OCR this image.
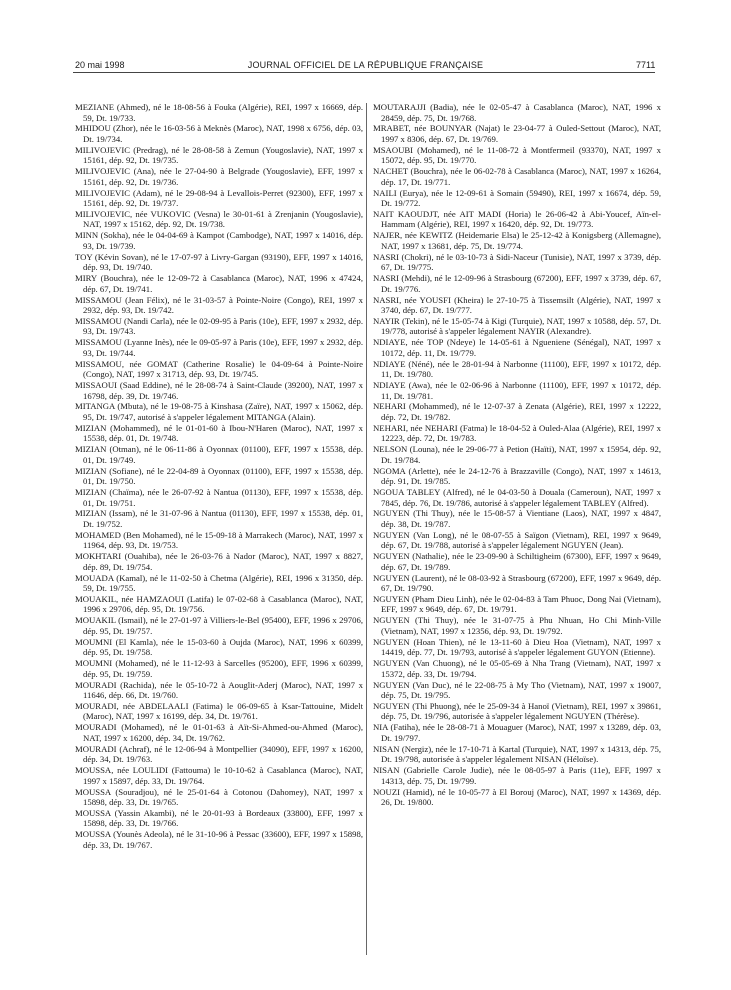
20 mai 1998	JOURNAL OFFICIEL DE LA RÉPUBLIQUE FRANÇAISE	7711

MEZIANE (Ahmed), né le 18-08-56 à Fouka (Algérie), REI, 1997 x 16669, dép. 59, Dt. 19/733.

MHIDOU (Zhor), née le 16-03-56 à Meknès (Maroc), NAT, 1998 x 6756, dép. 03, Dt. 19/734.

MILIVOJEVIC (Predrag), né le 28-08-58 à Zemun (Yougoslavie), NAT, 1997 x 15161, dép. 92, Dt. 19/735.

MILIVOJEVIC (Ana), née le 27-04-90 à Belgrade (Yougoslavie), EFF, 1997 x 15161, dép. 92, Dt. 19/736.

MILIVOJEVIC (Adam), né le 29-08-94 à Levallois-Perret (92300), EFF, 1997 x 15161, dép. 92, Dt. 19/737.

MILIVOJEVIC, née VUKOVIC (Vesna) le 30-01-61 à Zrenjanin (Yougoslavie), NAT, 1997 x 15162, dép. 92, Dt. 19/738.

MINN (Sokha), née le 04-04-69 à Kampot (Cambodge), NAT, 1997 x 14016, dép. 93, Dt. 19/739.

TOY (Kévin Sovan), né le 17-07-97 à Livry-Gargan (93190), EFF, 1997 x 14016, dép. 93, Dt. 19/740.

MIRY (Bouchra), née le 12-09-72 à Casablanca (Maroc), NAT, 1996 x 47424, dép. 67, Dt. 19/741.

MISSAMOU (Jean Félix), né le 31-03-57 à Pointe-Noire (Congo), REI, 1997 x 2932, dép. 93, Dt. 19/742.

MISSAMOU (Nandi Carla), née le 02-09-95 à Paris (10e), EFF, 1997 x 2932, dép. 93, Dt. 19/743.

MISSAMOU (Lyanne Inès), née le 09-05-97 à Paris (10e), EFF, 1997 x 2932, dép. 93, Dt. 19/744.

MISSAMOU, née GOMAT (Catherine Rosalie) le 04-09-64 à Pointe-Noire (Congo), NAT, 1997 x 31713, dép. 93, Dt. 19/745.

MISSAOUI (Saad Eddine), né le 28-08-74 à Saint-Claude (39200), NAT, 1997 x 16798, dép. 39, Dt. 19/746.

MITANGA (Mbuta), né le 19-08-75 à Kinshasa (Zaïre), NAT, 1997 x 15062, dép. 95, Dt. 19/747, autorisé à s'appeler légalement MITANGA (Alain).

MIZIAN (Mohammed), né le 01-01-60 à Ibou-N'Haren (Maroc), NAT, 1997 x 15538, dép. 01, Dt. 19/748.

MIZIAN (Otman), né le 06-11-86 à Oyonnax (01100), EFF, 1997 x 15538, dép. 01, Dt. 19/749.

MIZIAN (Sofiane), né le 22-04-89 à Oyonnax (01100), EFF, 1997 x 15538, dép. 01, Dt. 19/750.

MIZIAN (Chaïma), née le 26-07-92 à Nantua (01130), EFF, 1997 x 15538, dép. 01, Dt. 19/751.

MIZIAN (Issam), né le 31-07-96 à Nantua (01130), EFF, 1997 x 15538, dép. 01, Dt. 19/752.

MOHAMED (Ben Mohamed), né le 15-09-18 à Marrakech (Maroc), NAT, 1997 x 11964, dép. 93, Dt. 19/753.

MOKHTARI (Ouahiba), née le 26-03-76 à Nador (Maroc), NAT, 1997 x 8827, dép. 89, Dt. 19/754.

MOUADA (Kamal), né le 11-02-50 à Chetma (Algérie), REI, 1996 x 31350, dép. 59, Dt. 19/755.

MOUAKIL, née HAMZAOUI (Latifa) le 07-02-68 à Casablanca (Maroc), NAT, 1996 x 29706, dép. 95, Dt. 19/756.

MOUAKIL (Ismail), né le 27-01-97 à Villiers-le-Bel (95400), EFF, 1996 x 29706, dép. 95, Dt. 19/757.

MOUMNI (El Kamla), née le 15-03-60 à Oujda (Maroc), NAT, 1996 x 60399, dép. 95, Dt. 19/758.

MOUMNI (Mohamed), né le 11-12-93 à Sarcelles (95200), EFF, 1996 x 60399, dép. 95, Dt. 19/759.

MOURADI (Rachida), née le 05-10-72 à Aouglit-Aderj (Maroc), NAT, 1997 x 11646, dép. 66, Dt. 19/760.

MOURADI, née ABDELAALI (Fatima) le 06-09-65 à Ksar-Tattouine, Midelt (Maroc), NAT, 1997 x 16199, dép. 34, Dt. 19/761.

MOURADI (Mohamed), né le 01-01-63 à Aït-Si-Ahmed-ou-Ahmed (Maroc), NAT, 1997 x 16200, dép. 34, Dt. 19/762.

MOURADI (Achraf), né le 12-06-94 à Montpellier (34090), EFF, 1997 x 16200, dép. 34, Dt. 19/763.

MOUSSA, née LOULIDI (Fattouma) le 10-10-62 à Casablanca (Maroc), NAT, 1997 x 15897, dép. 33, Dt. 19/764.

MOUSSA (Souradjou), né le 25-01-64 à Cotonou (Dahomey), NAT, 1997 x 15898, dép. 33, Dt. 19/765.

MOUSSA (Yassin Akambi), né le 20-01-93 à Bordeaux (33800), EFF, 1997 x 15898, dép. 33, Dt. 19/766.

MOUSSA (Younès Adeola), né le 31-10-96 à Pessac (33600), EFF, 1997 x 15898, dép. 33, Dt. 19/767.

MOUTARAJJI (Badia), née le 02-05-47 à Casablanca (Maroc), NAT, 1996 x 28459, dép. 75, Dt. 19/768.

MRABET, née BOUNYAR (Najat) le 23-04-77 à Ouled-Settout (Maroc), NAT, 1997 x 8306, dép. 67, Dt. 19/769.

MSAOUBI (Mohamed), né le 11-08-72 à Montfermeil (93370), NAT, 1997 x 15072, dép. 95, Dt. 19/770.

NACHET (Bouchra), née le 06-02-78 à Casablanca (Maroc), NAT, 1997 x 16264, dép. 17, Dt. 19/771.

NAILI (Eurya), née le 12-09-61 à Somain (59490), REI, 1997 x 16674, dép. 59, Dt. 19/772.

NAIT KAOUDJT, née AIT MADI (Horia) le 26-06-42 à Abi-Youcef, Aïn-el-Hammam (Algérie), REI, 1997 x 16420, dép. 92, Dt. 19/773.

NAJER, née KEWITZ (Heidemarie Elsa) le 25-12-42 à Konigsberg (Allemagne), NAT, 1997 x 13681, dép. 75, Dt. 19/774.

NASRI (Chokri), né le 03-10-73 à Sidi-Naceur (Tunisie), NAT, 1997 x 3739, dép. 67, Dt. 19/775.

NASRI (Mehdi), né le 12-09-96 à Strasbourg (67200), EFF, 1997 x 3739, dép. 67, Dt. 19/776.

NASRI, née YOUSFI (Kheira) le 27-10-75 à Tissemsilt (Algérie), NAT, 1997 x 3740, dép. 67, Dt. 19/777.

NAYIR (Tekin), né le 15-05-74 à Kigi (Turquie), NAT, 1997 x 10588, dép. 57, Dt. 19/778, autorisé à s'appeler légalement NAYIR (Alexandre).

NDIAYE, née TOP (Ndeye) le 14-05-61 à Ngueniene (Sénégal), NAT, 1997 x 10172, dép. 11, Dt. 19/779.

NDIAYE (Néné), née le 28-01-94 à Narbonne (11100), EFF, 1997 x 10172, dép. 11, Dt. 19/780.

NDIAYE (Awa), née le 02-06-96 à Narbonne (11100), EFF, 1997 x 10172, dép. 11, Dt. 19/781.

NEHARI (Mohammed), né le 12-07-37 à Zenata (Algérie), REI, 1997 x 12222, dép. 72, Dt. 19/782.

NEHARI, née NEHARI (Fatma) le 18-04-52 à Ouled-Alaa (Algérie), REI, 1997 x 12223, dép. 72, Dt. 19/783.

NELSON (Louna), née le 29-06-77 à Petion (Haïti), NAT, 1997 x 15954, dép. 92, Dt. 19/784.

NGOMA (Arlette), née le 24-12-76 à Brazzaville (Congo), NAT, 1997 x 14613, dép. 91, Dt. 19/785.

NGOUA TABLEY (Alfred), né le 04-03-50 à Douala (Cameroun), NAT, 1997 x 7845, dép. 76, Dt. 19/786, autorisé à s'appeler légalement TABLEY (Alfred).

NGUYEN (Thi Thuy), née le 15-08-57 à Vientiane (Laos), NAT, 1997 x 4847, dép. 38, Dt. 19/787.

NGUYEN (Van Long), né le 08-07-55 à Saïgon (Vietnam), REI, 1997 x 9649, dép. 67, Dt. 19/788, autorisé à s'appeler légalement NGUYEN (Jean).

NGUYEN (Nathalie), née le 23-09-90 à Schiltigheim (67300), EFF, 1997 x 9649, dép. 67, Dt. 19/789.

NGUYEN (Laurent), né le 08-03-92 à Strasbourg (67200), EFF, 1997 x 9649, dép. 67, Dt. 19/790.

NGUYEN (Pham Dieu Linh), née le 02-04-83 à Tam Phuoc, Dong Nai (Vietnam), EFF, 1997 x 9649, dép. 67, Dt. 19/791.

NGUYEN (Thi Thuy), née le 31-07-75 à Phu Nhuan, Ho Chi Minh-Ville (Vietnam), NAT, 1997 x 12356, dép. 93, Dt. 19/792.

NGUYEN (Hoan Thien), né le 13-11-60 à Dieu Hoa (Vietnam), NAT, 1997 x 14419, dép. 77, Dt. 19/793, autorisé à s'appeler légalement GUYON (Etienne).

NGUYEN (Van Chuong), né le 05-05-69 à Nha Trang (Vietnam), NAT, 1997 x 15372, dép. 33, Dt. 19/794.

NGUYEN (Van Duc), né le 22-08-75 à My Tho (Vietnam), NAT, 1997 x 19007, dép. 75, Dt. 19/795.

NGUYEN (Thi Phuong), née le 25-09-34 à Hanoï (Vietnam), REI, 1997 x 39861, dép. 75, Dt. 19/796, autorisée à s'appeler légalement NGUYEN (Thérèse).

NIA (Fatiha), née le 28-08-71 à Mouaguer (Maroc), NAT, 1997 x 13289, dép. 03, Dt. 19/797.

NISAN (Nergiz), née le 17-10-71 à Kartal (Turquie), NAT, 1997 x 14313, dép. 75, Dt. 19/798, autorisée à s'appeler légalement NISAN (Héloïse).

NISAN (Gabrielle Carole Judie), née le 08-05-97 à Paris (11e), EFF, 1997 x 14313, dép. 75, Dt. 19/799.

NOUZI (Hamid), né le 10-05-77 à El Borouj (Maroc), NAT, 1997 x 14369, dép. 26, Dt. 19/800.
